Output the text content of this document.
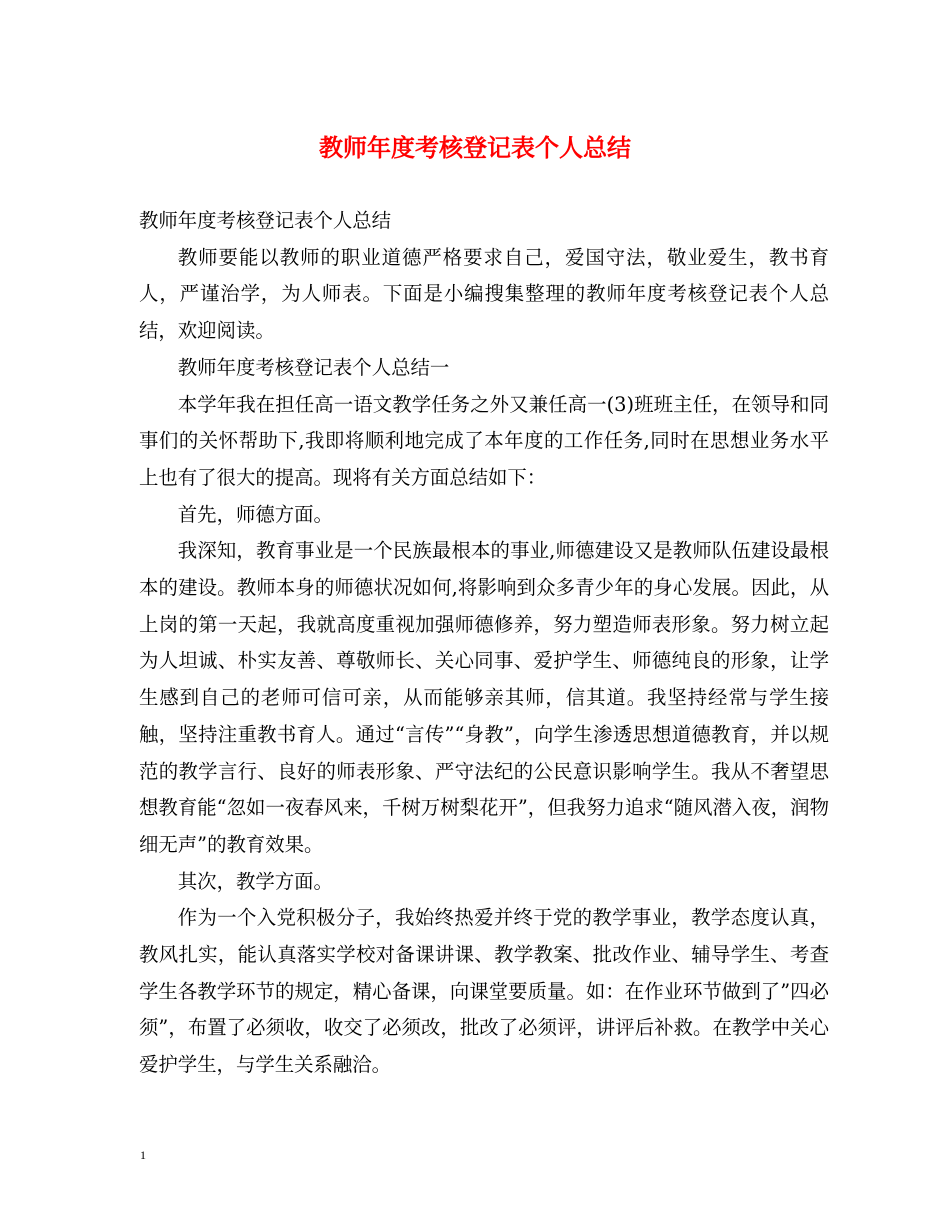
教师年度考核登记表个人总结

教师年度考核登记表个人总结

教师要能以教师的职业道德严格要求自己，爱国守法，敬业爱生，教书育人，严谨治学，为人师表。下面是小编搜集整理的教师年度考核登记表个人总结，欢迎阅读。

教师年度考核登记表个人总结一

本学年我在担任高一语文教学任务之外又兼任高一(3)班班主任，在领导和同事们的关怀帮助下,我即将顺利地完成了本年度的工作任务,同时在思想业务水平上也有了很大的提高。现将有关方面总结如下：

首先，师德方面。

我深知，教育事业是一个民族最根本的事业,师德建设又是教师队伍建设最根本的建设。教师本身的师德状况如何,将影响到众多青少年的身心发展。因此，从上岗的第一天起，我就高度重视加强师德修养，努力塑造师表形象。努力树立起为人坦诚、朴实友善、尊敬师长、关心同事、爱护学生、师德纯良的形象，让学生感到自己的老师可信可亲，从而能够亲其师，信其道。我坚持经常与学生接触，坚持注重教书育人。通过“言传”“身教”，向学生渗透思想道德教育，并以规范的教学言行、良好的师表形象、严守法纪的公民意识影响学生。我从不奢望思想教育能“忽如一夜春风来，千树万树梨花开”，但我努力追求“随风潜入夜，润物细无声”的教育效果。

其次，教学方面。

作为一个入党积极分子，我始终热爱并终于党的教学事业，教学态度认真，教风扎实，能认真落实学校对备课讲课、教学教案、批改作业、辅导学生、考查学生各教学环节的规定，精心备课，向课堂要质量。如：在作业环节做到了”四必须”，布置了必须收，收交了必须改，批改了必须评，讲评后补救。在教学中关心爱护学生，与学生关系融洽。

1
